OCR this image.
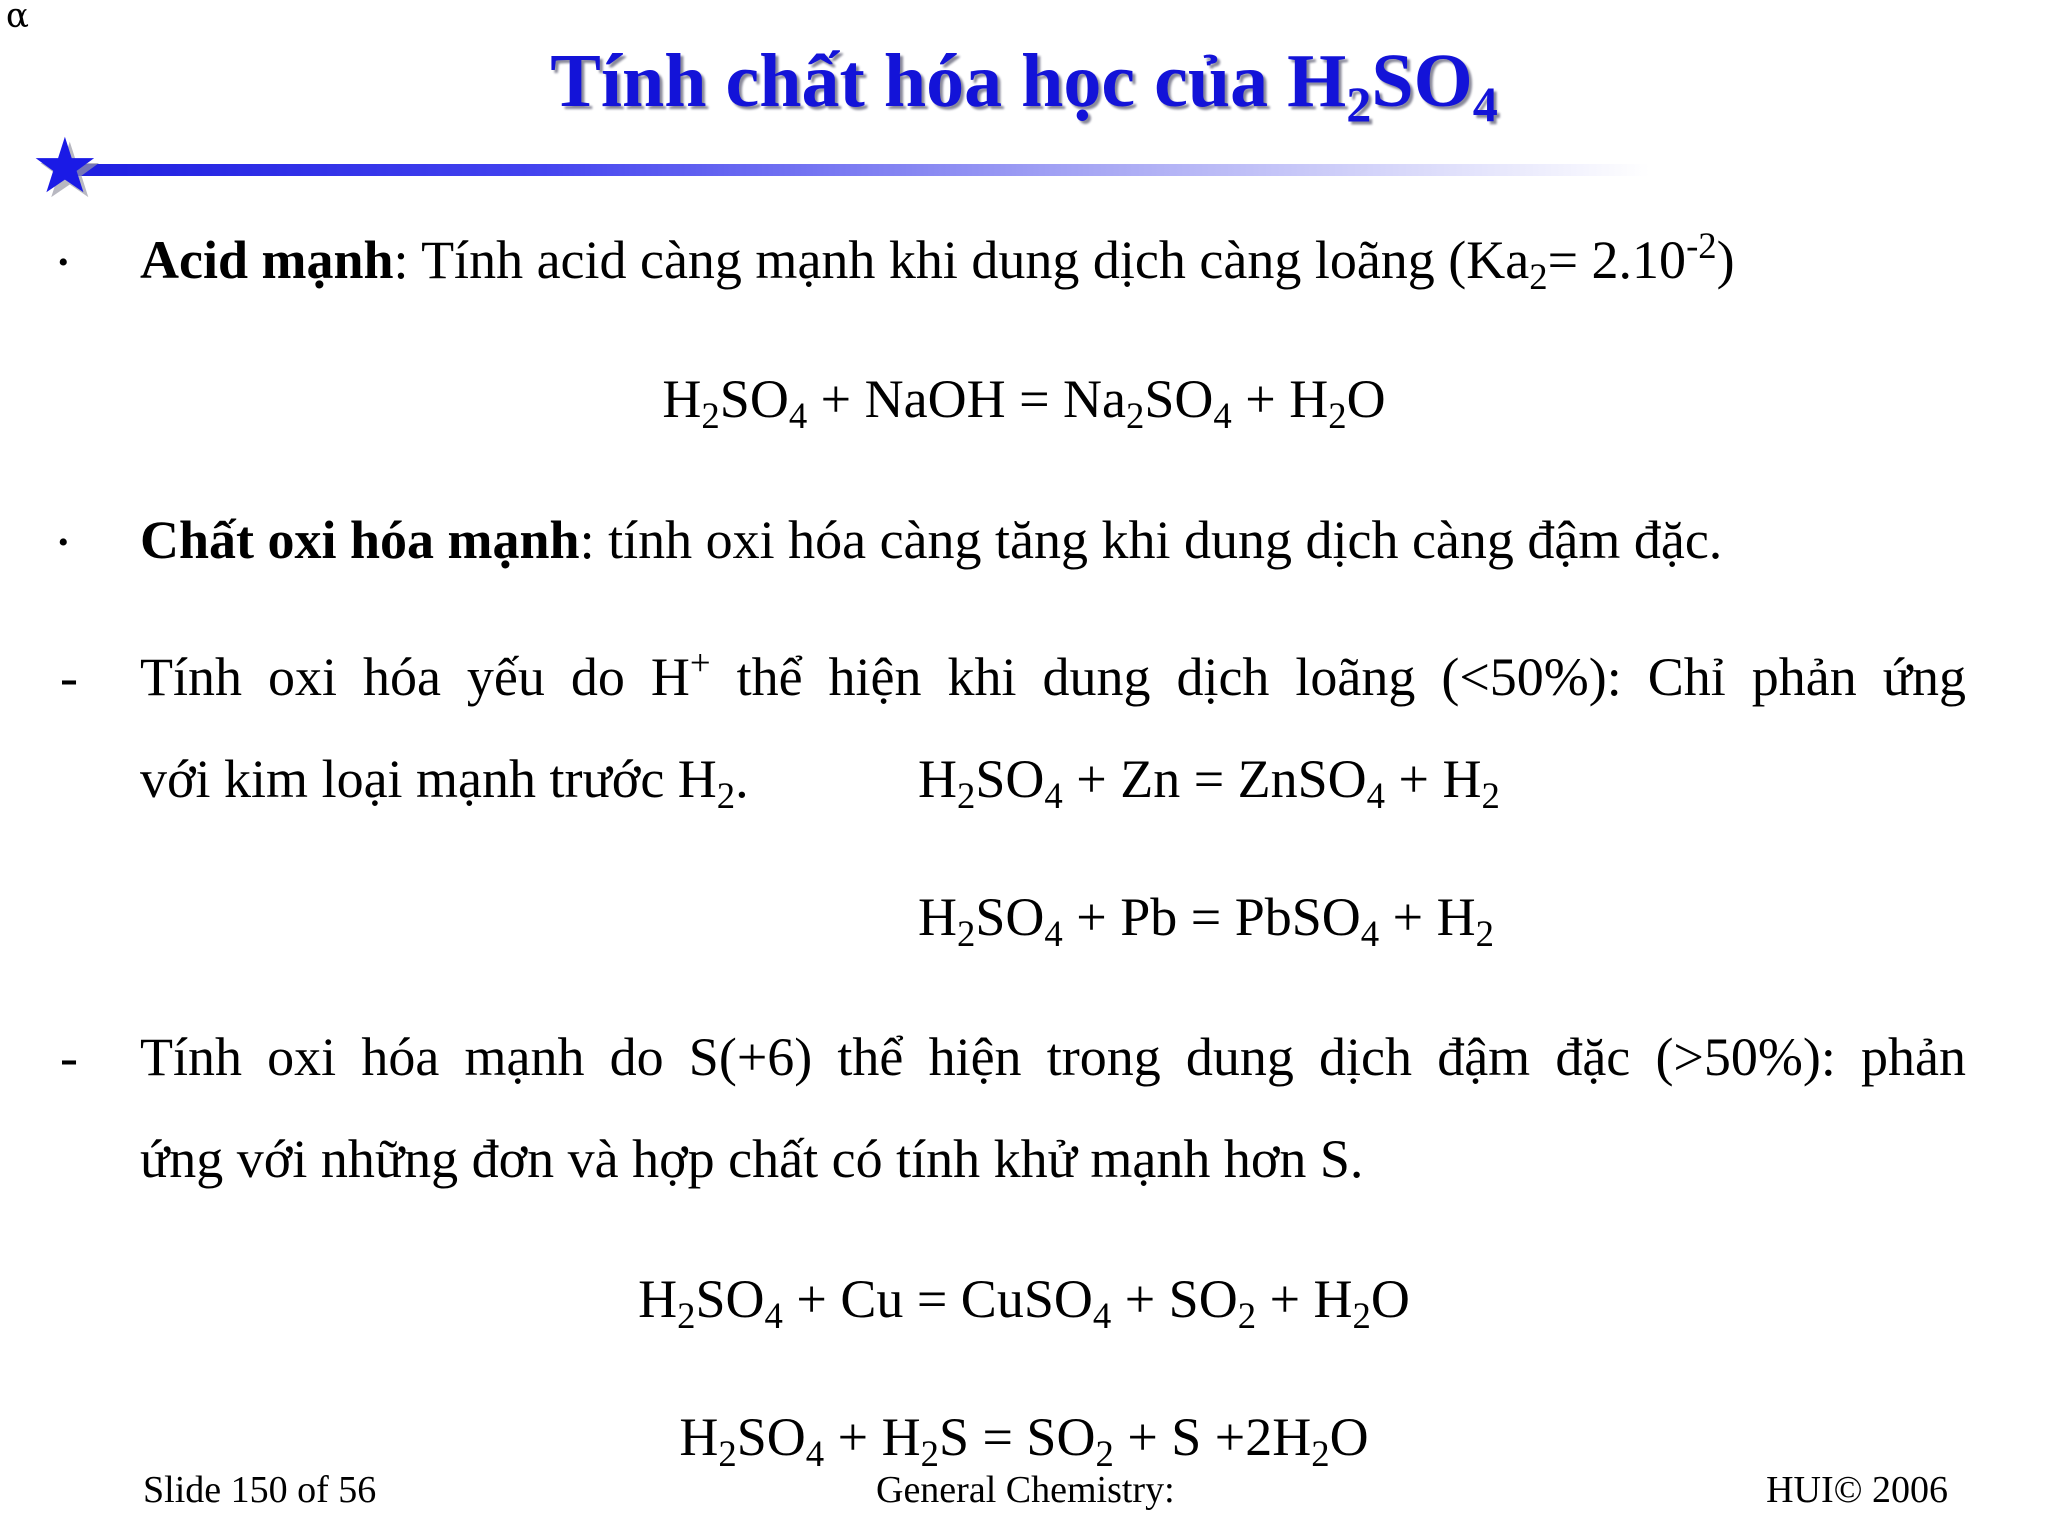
α
Tính chất hóa học của $H_2SO_4$
• Acid mạnh: Tính acid càng mạnh khi dung dịch càng loãng $(Ka_2= 2.10^{-2})$
$H_2SO_4$ + NaOH = $Na_2SO_4 + H_2O$
• Chất oxi hóa mạnh: tính oxi hóa càng tăng khi dung dịch càng đậm đặc.
- Tính oxi hóa yếu do H+ thể hiện khi dung dịch loãng (<50%): Chỉ phản ứng
với kim loại mạnh trước $H_2$.	$H_2SO_4 + Zn$ = ZnSO$_4$ + $H_2$
$H_2SO_4 + Pb$ = PbSO$_4$ + $H_2$
- Tính oxi hóa mạnh do S(+6) thể hiện trong dung dịch đậm đặc (>50%): phản
ứng với những đơn và hợp chất có tính khử mạnh hơn S.
$H_2SO_4 + Cu$ = CuSO$_4$ + $SO_2 + H_2O$
$H_2SO_4 + H_2S = SO_2 + S +2H_2O$
Slide 150 of 56	General Chemistry:	HUI© 2006
